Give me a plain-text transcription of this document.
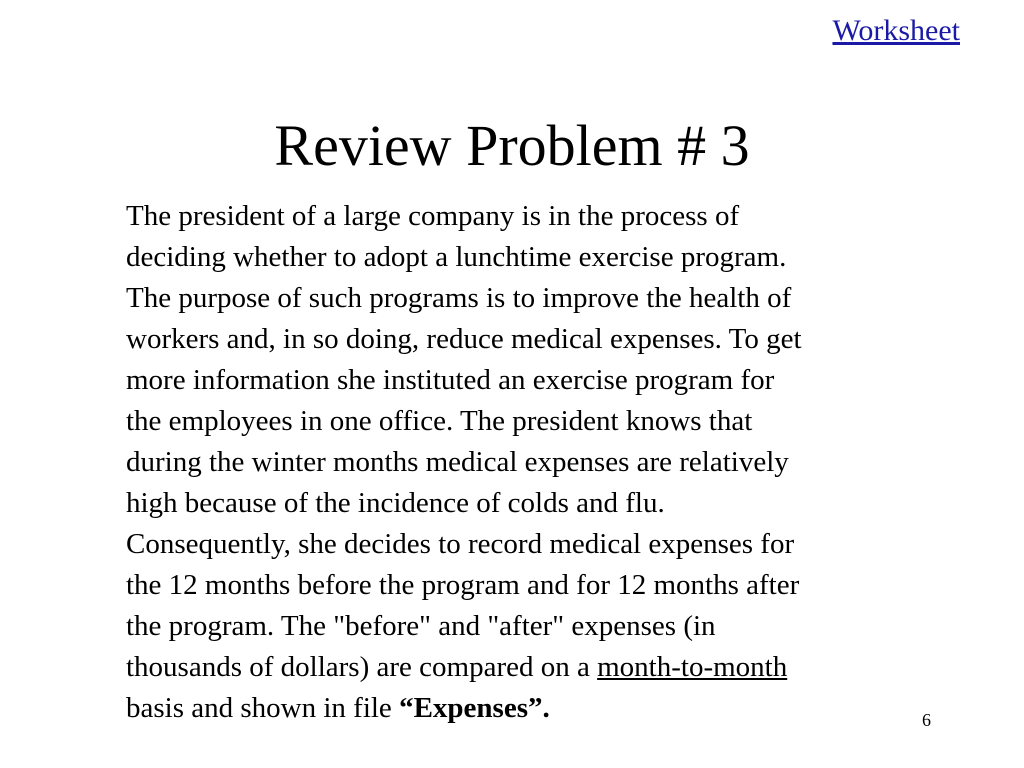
Worksheet
Review Problem # 3
The president of a large company is in the process of
deciding whether to adopt a lunchtime exercise program.
The purpose of such programs is to improve the health of
workers and, in so doing, reduce medical expenses. To get
more information she instituted an exercise program for
the employees in one office. The president knows that
during the winter months medical expenses are relatively
high because of the incidence of colds and flu.
Consequently, she decides to record medical expenses for
the 12 months before the program and for 12 months after
the program. The "before" and "after" expenses (in
thousands of dollars) are compared on a month-to-month
basis and shown in file “Expenses”.	6
